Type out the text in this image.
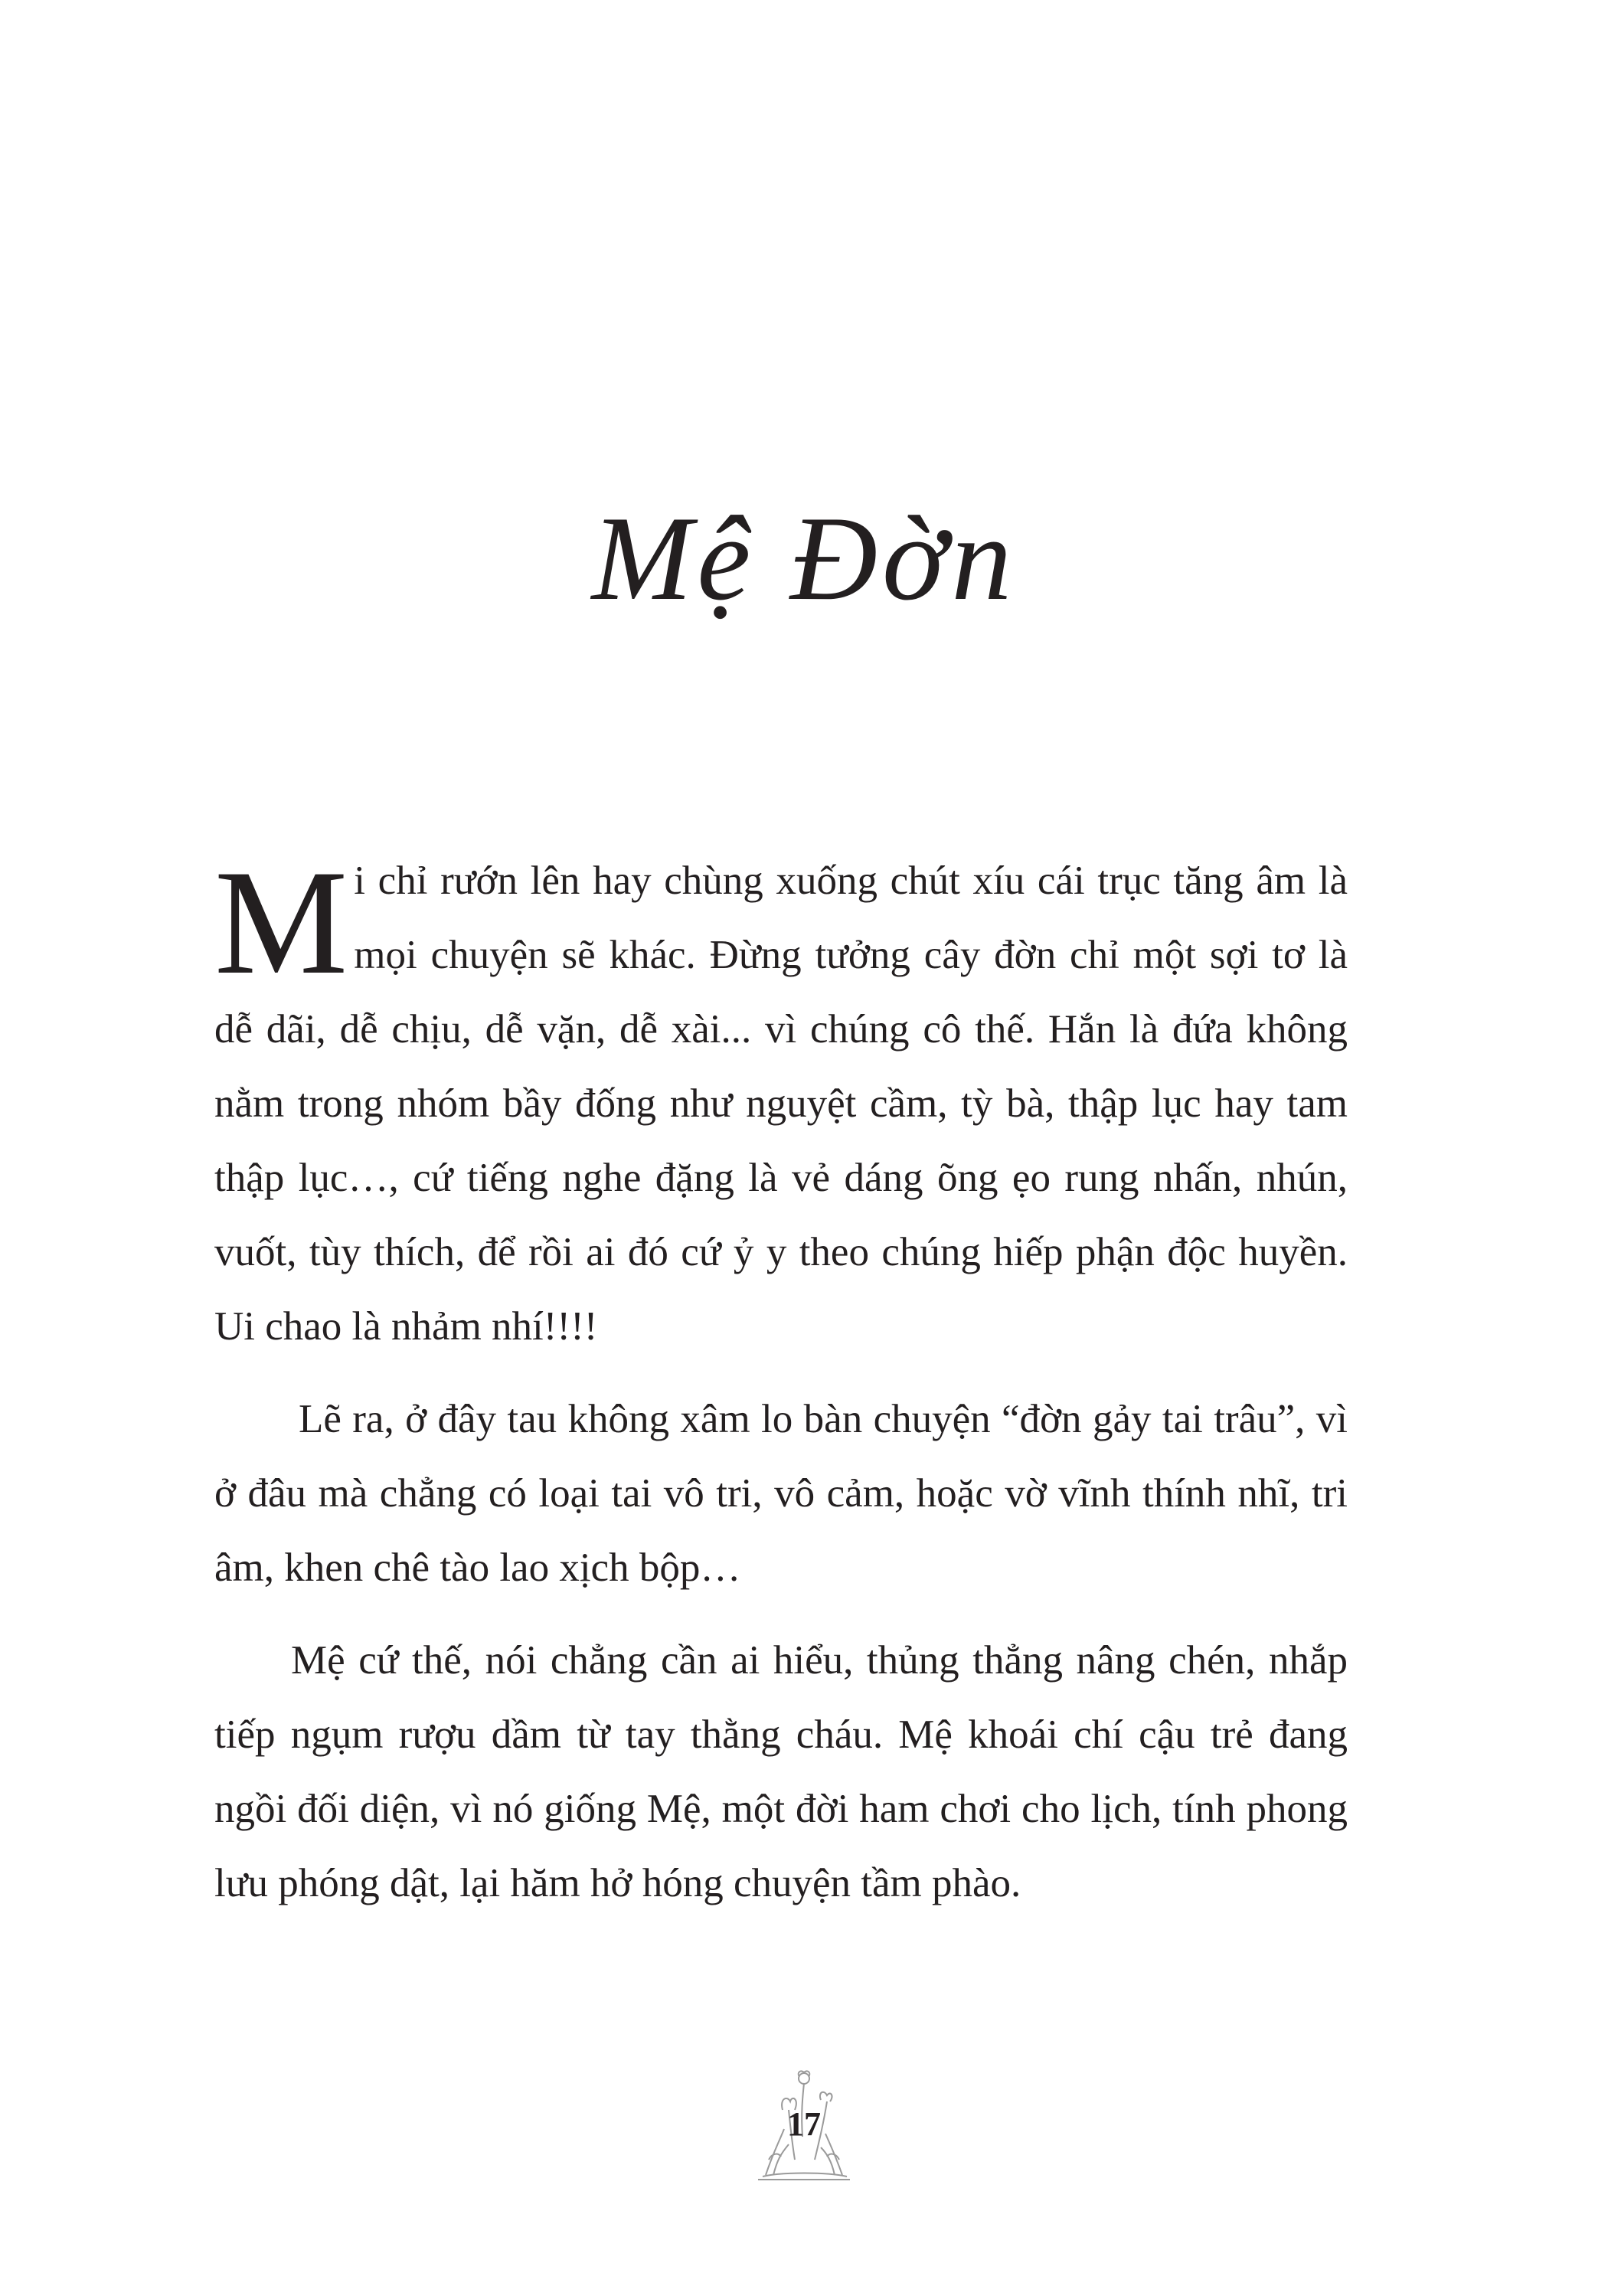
Mệ Đờn

Mi chỉ rướn lên hay chùng xuống chút xíu cái trục tăng âm là mọi chuyện sẽ khác. Đừng tưởng cây đờn chỉ một sợi tơ là dễ dãi, dễ chịu, dễ vặn, dễ xài... vì chúng cô thế. Hắn là đứa không nằm trong nhóm bầy đống như nguyệt cầm, tỳ bà, thập lục hay tam thập lục…, cứ tiếng nghe đặng là vẻ dáng õng ẹo rung nhấn, nhún, vuốt, tùy thích, để rồi ai đó cứ ỷ y theo chúng hiếp phận độc huyền. Ui chao là nhảm nhí!!!!

Lẽ ra, ở đây tau không xâm lo bàn chuyện “đờn gảy tai trâu”, vì ở đâu mà chẳng có loại tai vô tri, vô cảm, hoặc vờ vĩnh thính nhĩ, tri âm, khen chê tào lao xịch bộp…

Mệ cứ thế, nói chẳng cần ai hiểu, thủng thẳng nâng chén, nhắp tiếp ngụm rượu dầm từ tay thằng cháu. Mệ khoái chí cậu trẻ đang ngồi đối diện, vì nó giống Mệ, một đời ham chơi cho lịch, tính phong lưu phóng dật, lại hăm hở hóng chuyện tầm phào.

17
